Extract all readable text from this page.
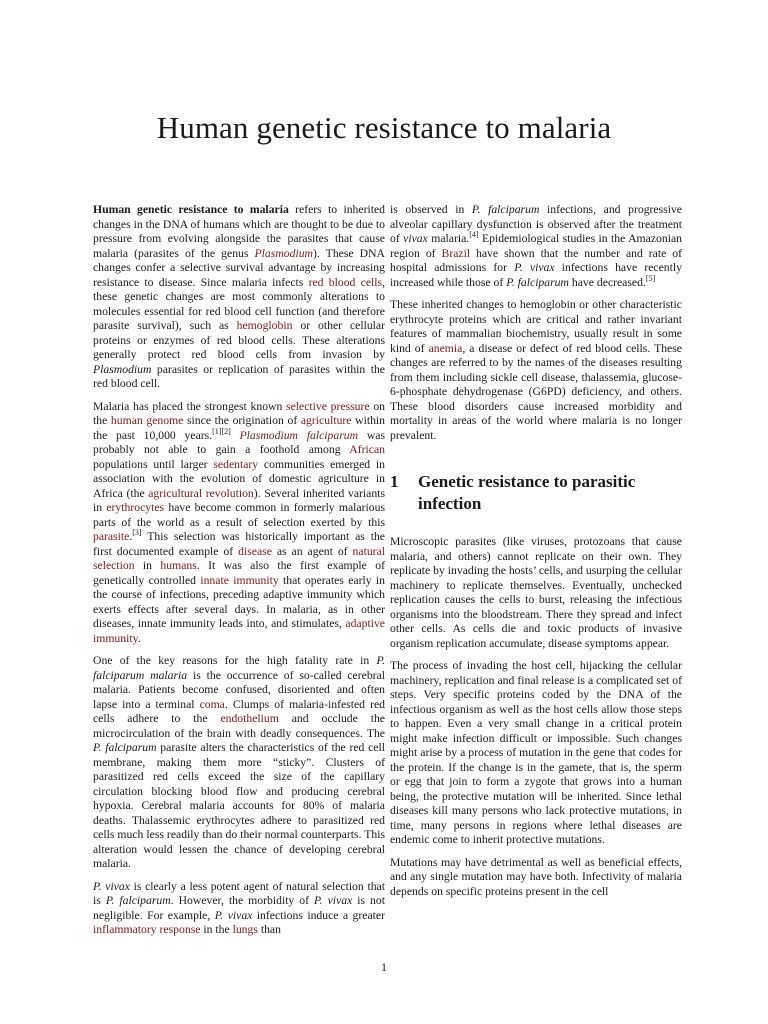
Human genetic resistance to malaria

Human genetic resistance to malaria refers to inherited changes in the DNA of humans which are thought to be due to pressure from evolving alongside the parasites that cause malaria (parasites of the genus Plasmodium). These DNA changes confer a selective survival advantage by increasing resistance to disease. Since malaria infects red blood cells, these genetic changes are most commonly alterations to molecules essential for red blood cell function (and therefore parasite survival), such as hemoglobin or other cellular proteins or enzymes of red blood cells. These alterations generally protect red blood cells from invasion by Plasmodium parasites or replication of parasites within the red blood cell.

Malaria has placed the strongest known selective pressure on the human genome since the origination of agriculture within the past 10,000 years.[1][2] Plasmodium falciparum was probably not able to gain a foothold among African populations until larger sedentary communities emerged in association with the evolution of domestic agriculture in Africa (the agricultural revolution). Several inherited variants in erythrocytes have become common in formerly malarious parts of the world as a result of selection exerted by this parasite.[3] This selection was historically important as the first documented example of disease as an agent of natural selection in humans. It was also the first example of genetically controlled innate immunity that operates early in the course of infections, preceding adaptive immunity which exerts effects after several days. In malaria, as in other diseases, innate immunity leads into, and stimulates, adaptive immunity.

One of the key reasons for the high fatality rate in P. falciparum malaria is the occurrence of so-called cerebral malaria. Patients become confused, disoriented and often lapse into a terminal coma. Clumps of malaria-infested red cells adhere to the endothelium and occlude the microcirculation of the brain with deadly consequences. The P. falciparum parasite alters the characteristics of the red cell membrane, making them more “sticky”. Clusters of parasitized red cells exceed the size of the capillary circulation blocking blood flow and producing cerebral hypoxia. Cerebral malaria accounts for 80% of malaria deaths. Thalassemic erythrocytes adhere to parasitized red cells much less readily than do their normal counterparts. This alteration would lessen the chance of developing cerebral malaria.

P. vivax is clearly a less potent agent of natural selection that is P. falciparum. However, the morbidity of P. vivax is not negligible. For example, P. vivax infections induce a greater inflammatory response in the lungs than

is observed in P. falciparum infections, and progressive alveolar capillary dysfunction is observed after the treatment of vivax malaria.[4] Epidemiological studies in the Amazonian region of Brazil have shown that the number and rate of hospital admissions for P. vivax infections have recently increased while those of P. falciparum have decreased.[5]

These inherited changes to hemoglobin or other characteristic erythrocyte proteins which are critical and rather invariant features of mammalian biochemistry, usually result in some kind of anemia, a disease or defect of red blood cells. These changes are referred to by the names of the diseases resulting from them including sickle cell disease, thalassemia, glucose-6-phosphate dehydrogenase (G6PD) deficiency, and others. These blood disorders cause increased morbidity and mortality in areas of the world where malaria is no longer prevalent.

1	Genetic resistance to parasitic infection

Microscopic parasites (like viruses, protozoans that cause malaria, and others) cannot replicate on their own. They replicate by invading the hosts’ cells, and usurping the cellular machinery to replicate themselves. Eventually, unchecked replication causes the cells to burst, releasing the infectious organisms into the bloodstream. There they spread and infect other cells. As cells die and toxic products of invasive organism replication accumulate, disease symptoms appear.

The process of invading the host cell, hijacking the cellular machinery, replication and final release is a complicated set of steps. Very specific proteins coded by the DNA of the infectious organism as well as the host cells allow those steps to happen. Even a very small change in a critical protein might make infection difficult or impossible. Such changes might arise by a process of mutation in the gene that codes for the protein. If the change is in the gamete, that is, the sperm or egg that join to form a zygote that grows into a human being, the protective mutation will be inherited. Since lethal diseases kill many persons who lack protective mutations, in time, many persons in regions where lethal diseases are endemic come to inherit protective mutations.

Mutations may have detrimental as well as beneficial effects, and any single mutation may have both. Infectivity of malaria depends on specific proteins present in the cell

1
